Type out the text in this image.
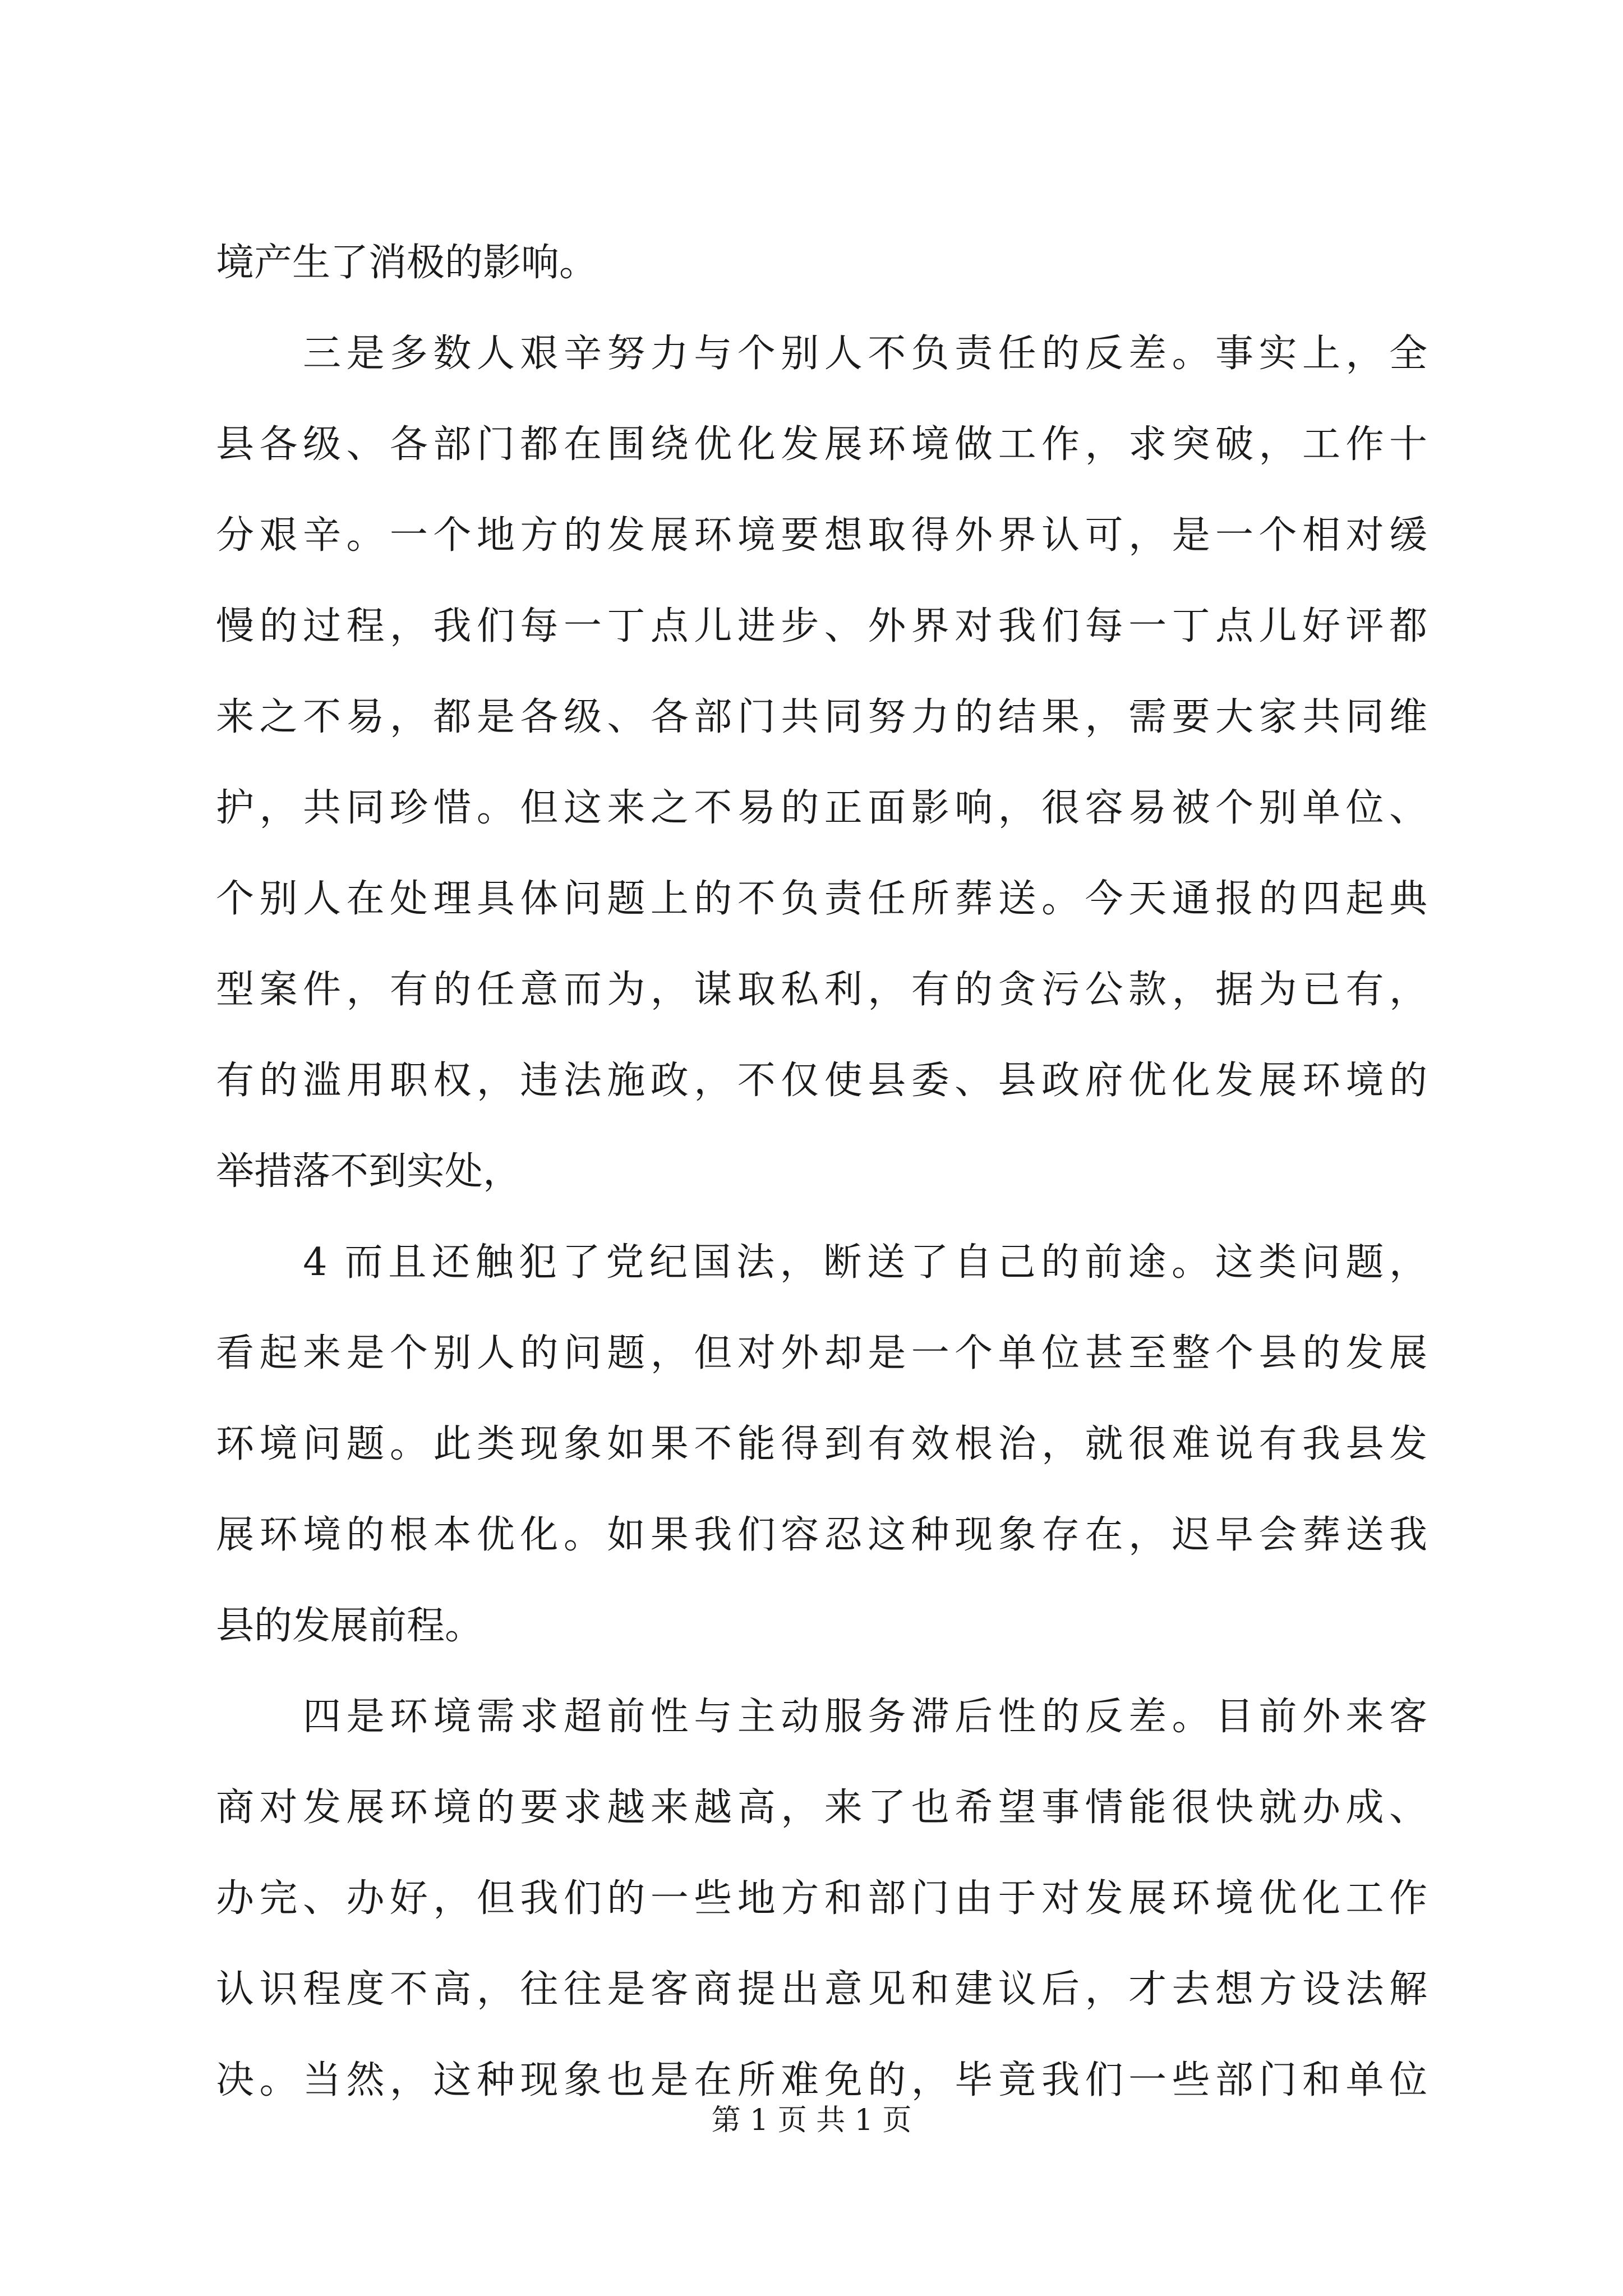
境产生了消极的影响。
　　三是多数人艰辛努力与个别人不负责任的反差。事实上，全
县各级、各部门都在围绕优化发展环境做工作，求突破，工作十
分艰辛。一个地方的发展环境要想取得外界认可，是一个相对缓
慢的过程，我们每一丁点儿进步、外界对我们每一丁点儿好评都
来之不易，都是各级、各部门共同努力的结果，需要大家共同维
护，共同珍惜。但这来之不易的正面影响，很容易被个别单位、
个别人在处理具体问题上的不负责任所葬送。今天通报的四起典
型案件，有的任意而为，谋取私利，有的贪污公款，据为已有，
有的滥用职权，违法施政，不仅使县委、县政府优化发展环境的
举措落不到实处，
　　4 而且还触犯了党纪国法，断送了自己的前途。这类问题，
看起来是个别人的问题，但对外却是一个单位甚至整个县的发展
环境问题。此类现象如果不能得到有效根治，就很难说有我县发
展环境的根本优化。如果我们容忍这种现象存在，迟早会葬送我
县的发展前程。
　　四是环境需求超前性与主动服务滞后性的反差。目前外来客
商对发展环境的要求越来越高，来了也希望事情能很快就办成、
办完、办好，但我们的一些地方和部门由于对发展环境优化工作
认识程度不高，往往是客商提出意见和建议后，才去想方设法解
决。当然，这种现象也是在所难免的，毕竟我们一些部门和单位
第 1 页 共 1 页
